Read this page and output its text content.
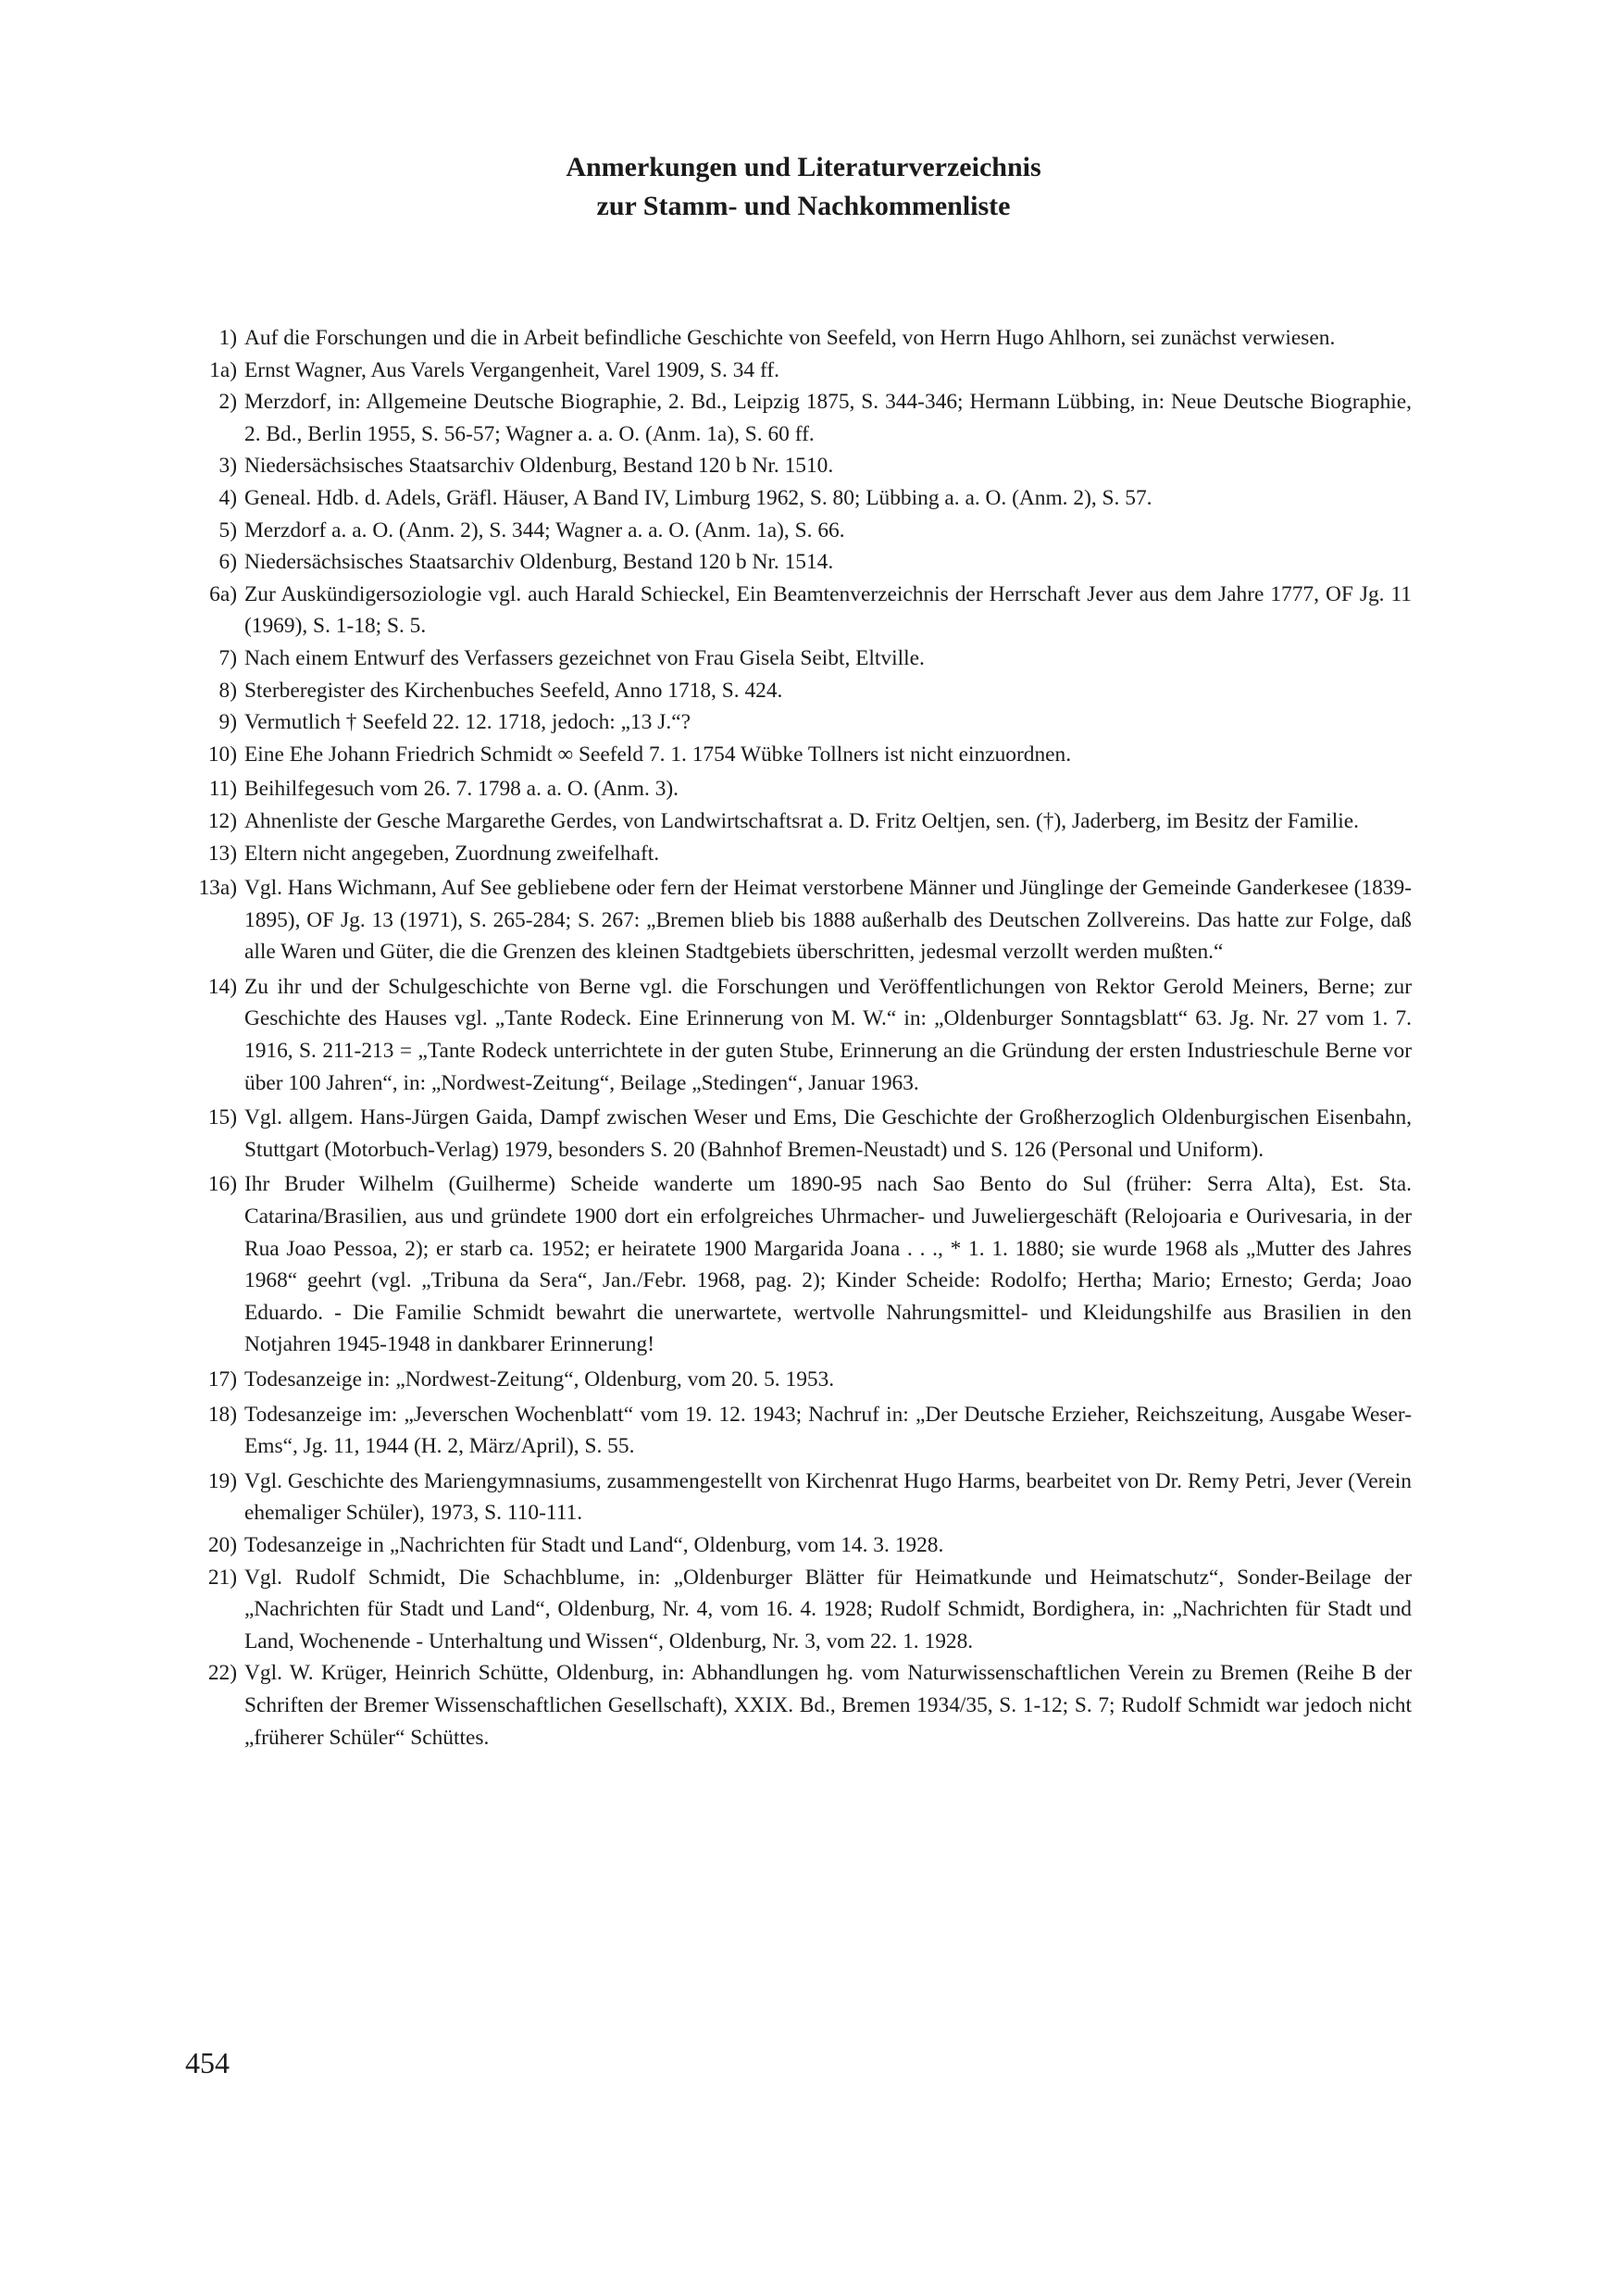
Anmerkungen und Literaturverzeichnis
zur Stamm- und Nachkommenliste
1) Auf die Forschungen und die in Arbeit befindliche Geschichte von Seefeld, von Herrn Hugo Ahlhorn, sei zunächst verwiesen.
1a) Ernst Wagner, Aus Varels Vergangenheit, Varel 1909, S. 34 ff.
2) Merzdorf, in: Allgemeine Deutsche Biographie, 2. Bd., Leipzig 1875, S. 344-346; Hermann Lübbing, in: Neue Deutsche Biographie, 2. Bd., Berlin 1955, S. 56-57; Wagner a. a. O. (Anm. 1a), S. 60 ff.
3) Niedersächsisches Staatsarchiv Oldenburg, Bestand 120 b Nr. 1510.
4) Geneal. Hdb. d. Adels, Gräfl. Häuser, A Band IV, Limburg 1962, S. 80; Lübbing a. a. O. (Anm. 2), S. 57.
5) Merzdorf a. a. O. (Anm. 2), S. 344; Wagner a. a. O. (Anm. 1a), S. 66.
6) Niedersächsisches Staatsarchiv Oldenburg, Bestand 120 b Nr. 1514.
6a) Zur Auskündigersoziologie vgl. auch Harald Schieckel, Ein Beamtenverzeichnis der Herrschaft Jever aus dem Jahre 1777, OF Jg. 11 (1969), S. 1-18; S. 5.
7) Nach einem Entwurf des Verfassers gezeichnet von Frau Gisela Seibt, Eltville.
8) Sterberegister des Kirchenbuches Seefeld, Anno 1718, S. 424.
9) Vermutlich † Seefeld 22. 12. 1718, jedoch: „13 J.“?
10) Eine Ehe Johann Friedrich Schmidt ∞ Seefeld 7. 1. 1754 Wübke Tollners ist nicht einzuordnen.
11) Beihilfegesuch vom 26. 7. 1798 a. a. O. (Anm. 3).
12) Ahnenliste der Gesche Margarethe Gerdes, von Landwirtschaftsrat a. D. Fritz Oeltjen, sen. (†), Jaderberg, im Besitz der Familie.
13) Eltern nicht angegeben, Zuordnung zweifelhaft.
13a) Vgl. Hans Wichmann, Auf See gebliebene oder fern der Heimat verstorbene Männer und Jünglinge der Gemeinde Ganderkesee (1839-1895), OF Jg. 13 (1971), S. 265-284; S. 267: „Bremen blieb bis 1888 außerhalb des Deutschen Zollvereins. Das hatte zur Folge, daß alle Waren und Güter, die die Grenzen des kleinen Stadtgebiets überschritten, jedesmal verzollt werden mußten.“
14) Zu ihr und der Schulgeschichte von Berne vgl. die Forschungen und Veröffentlichungen von Rektor Gerold Meiners, Berne; zur Geschichte des Hauses vgl. „Tante Rodeck. Eine Erinnerung von M. W.“ in: „Oldenburger Sonntagsblatt“ 63. Jg. Nr. 27 vom 1. 7. 1916, S. 211-213 = „Tante Rodeck unterrichtete in der guten Stube, Erinnerung an die Gründung der ersten Industrieschule Berne vor über 100 Jahren“, in: „Nordwest-Zeitung“, Beilage „Stedingen“, Januar 1963.
15) Vgl. allgem. Hans-Jürgen Gaida, Dampf zwischen Weser und Ems, Die Geschichte der Großherzoglich Oldenburgischen Eisenbahn, Stuttgart (Motorbuch-Verlag) 1979, besonders S. 20 (Bahnhof Bremen-Neustadt) und S. 126 (Personal und Uniform).
16) Ihr Bruder Wilhelm (Guilherme) Scheide wanderte um 1890-95 nach Sao Bento do Sul (früher: Serra Alta), Est. Sta. Catarina/Brasilien, aus und gründete 1900 dort ein erfolgreiches Uhrmacher- und Juweliergeschäft (Relojoaria e Ourivesaria, in der Rua Joao Pessoa, 2); er starb ca. 1952; er heiratete 1900 Margarida Joana . . ., * 1. 1. 1880; sie wurde 1968 als „Mutter des Jahres 1968“ geehrt (vgl. „Tribuna da Sera“, Jan./Febr. 1968, pag. 2); Kinder Scheide: Rodolfo; Hertha; Mario; Ernesto; Gerda; Joao Eduardo. - Die Familie Schmidt bewahrt die unerwartete, wertvolle Nahrungsmittel- und Kleidungshilfe aus Brasilien in den Notjahren 1945-1948 in dankbarer Erinnerung!
17) Todesanzeige in: „Nordwest-Zeitung“, Oldenburg, vom 20. 5. 1953.
18) Todesanzeige im: „Jeverschen Wochenblatt“ vom 19. 12. 1943; Nachruf in: „Der Deutsche Erzieher, Reichszeitung, Ausgabe Weser-Ems“, Jg. 11, 1944 (H. 2, März/April), S. 55.
19) Vgl. Geschichte des Mariengymnasiums, zusammengestellt von Kirchenrat Hugo Harms, bearbeitet von Dr. Remy Petri, Jever (Verein ehemaliger Schüler), 1973, S. 110-111.
20) Todesanzeige in „Nachrichten für Stadt und Land“, Oldenburg, vom 14. 3. 1928.
21) Vgl. Rudolf Schmidt, Die Schachblume, in: „Oldenburger Blätter für Heimatkunde und Heimatschutz“, Sonder-Beilage der „Nachrichten für Stadt und Land“, Oldenburg, Nr. 4, vom 16. 4. 1928; Rudolf Schmidt, Bordighera, in: „Nachrichten für Stadt und Land, Wochenende - Unterhaltung und Wissen“, Oldenburg, Nr. 3, vom 22. 1. 1928.
22) Vgl. W. Krüger, Heinrich Schütte, Oldenburg, in: Abhandlungen hg. vom Naturwissenschaftlichen Verein zu Bremen (Reihe B der Schriften der Bremer Wissenschaftlichen Gesellschaft), XXIX. Bd., Bremen 1934/35, S. 1-12; S. 7; Rudolf Schmidt war jedoch nicht „früherer Schüler“ Schüttes.
454
